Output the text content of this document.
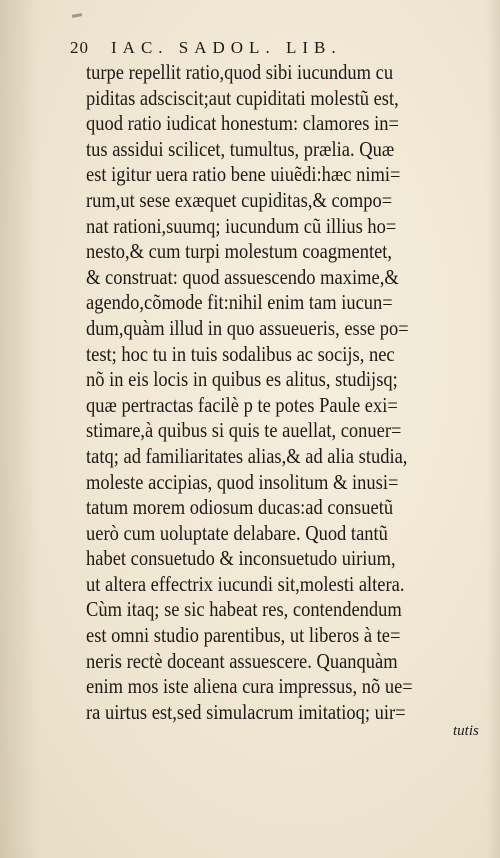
20 IAC. SADOL. LIB.
turpe repellit ratio,quod sibi iucundum cu
piditas adsciscit;aut cupiditati molestũ est,
quod ratio iudicat honestum: clamores in=
tus assidui scilicet, tumultus, prælia. Quæ
est igitur uera ratio bene uiuẽdi:hæc nimi=
rum,ut sese exæquet cupiditas,& compo=
nat rationi,suumq; iucundum cũ illius ho=
nesto,& cum turpi molestum coagmentet,
& construat: quod assuescendo maxime,&
agendo,cõmode fit:nihil enim tam iucun=
dum,quàm illud in quo assueueris, esse po=
test; hoc tu in tuis sodalibus ac socijs, nec
nõ in eis locis in quibus es alitus, studijsq;
quæ pertractas facilè p te potes Paule exi=
stimare,à quibus si quis te auellat, conuer=
tatq; ad familiaritates alias,& ad alia studia,
moleste accipias, quod insolitum & inusi=
tatum morem odiosum ducas:ad consuetũ
uerò cum uoluptate delabare. Quod tantũ
habet consuetudo & inconsuetudo uirium,
ut altera effectrix iucundi sit,molesti altera.
Cùm itaq; se sic habeat res, contendendum
est omni studio parentibus, ut liberos à te=
neris rectè doceant assuescere. Quanquàm
enim mos iste aliena cura impressus, nõ ue=
ra uirtus est,sed simulacrum imitatioq; uir=
tutis
